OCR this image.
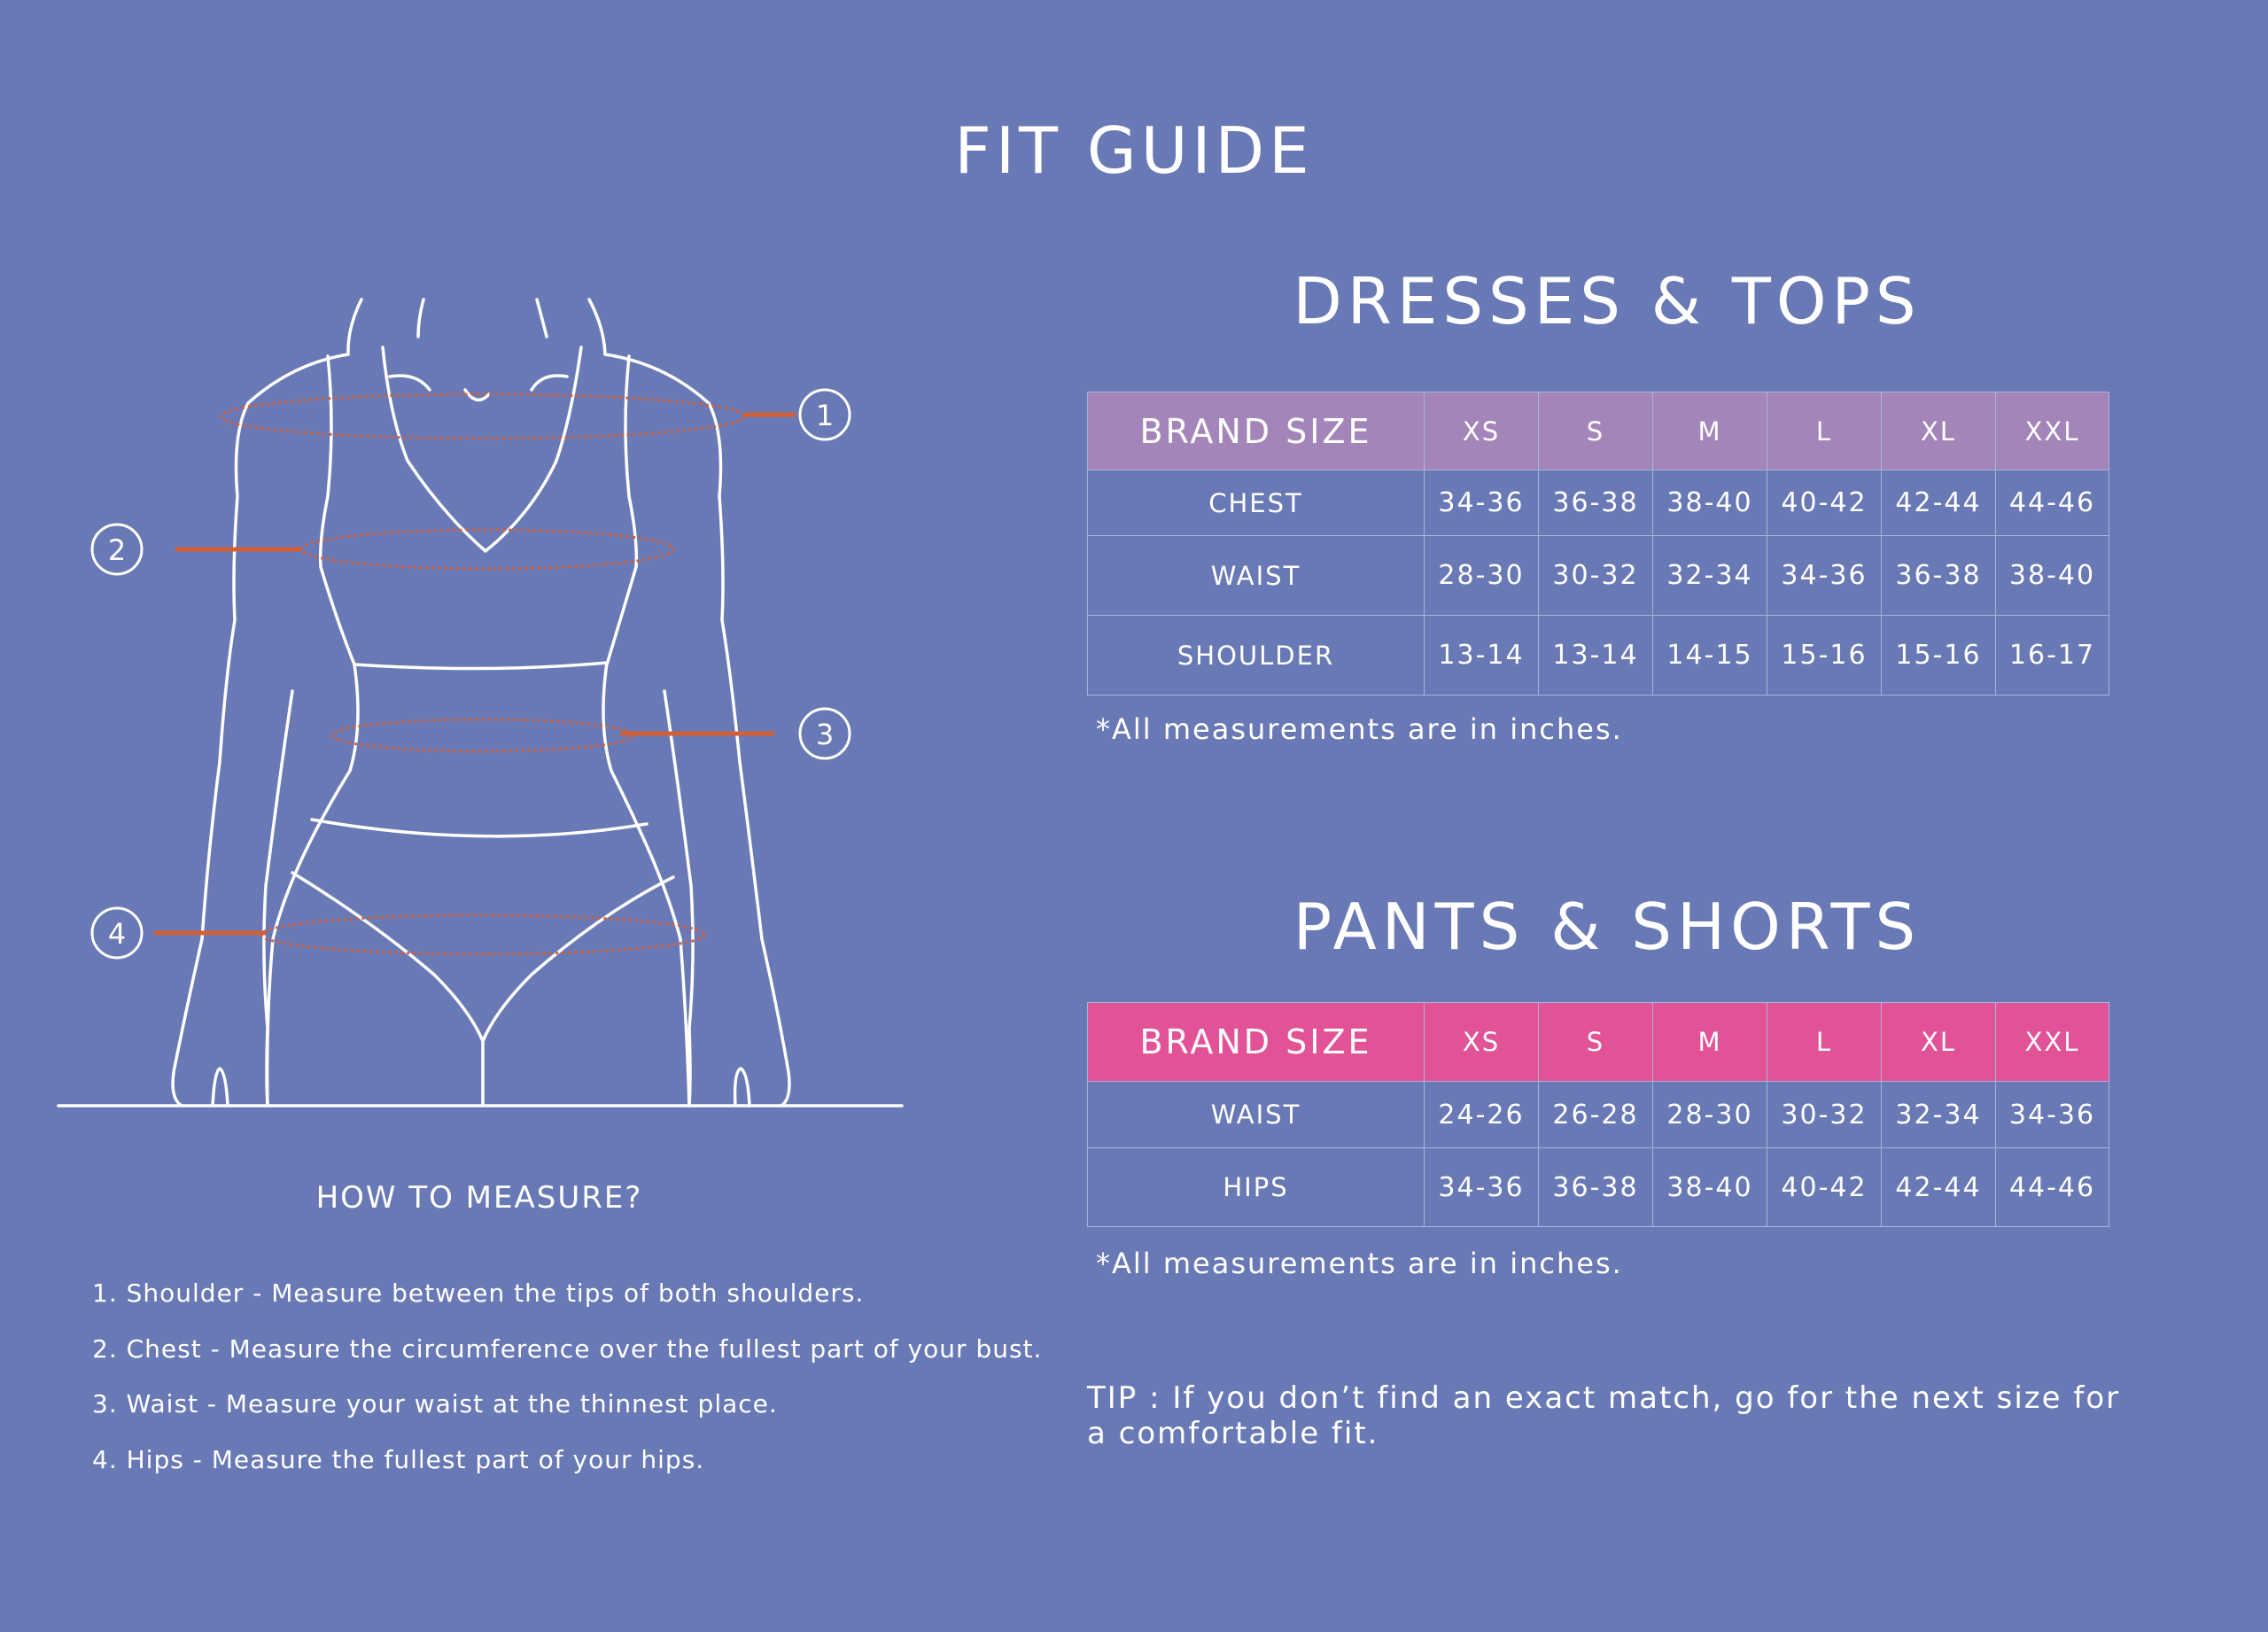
FIT GUIDE
1
2
3
4
HOW TO MEASURE?
1. Shoulder - Measure between the tips of both shoulders.
2. Chest - Measure the circumference over the fullest part of your bust.
3. Waist - Measure your waist at the thinnest place.
4. Hips - Measure the fullest part of your hips.
DRESSES & TOPS
BRAND SIZE	XS	S	M	L	XL	XXL
CHEST	34-36	36-38	38-40	40-42	42-44	44-46
WAIST	28-30	30-32	32-34	34-36	36-38	38-40
SHOULDER	13-14	13-14	14-15	15-16	15-16	16-17
*All measurements are in inches.
PANTS & SHORTS
BRAND SIZE	XS	S	M	L	XL	XXL
WAIST	24-26	26-28	28-30	30-32	32-34	34-36
HIPS	34-36	36-38	38-40	40-42	42-44	44-46
*All measurements are in inches.
TIP : If you don’t find an exact match, go for the next size for a comfortable fit.
